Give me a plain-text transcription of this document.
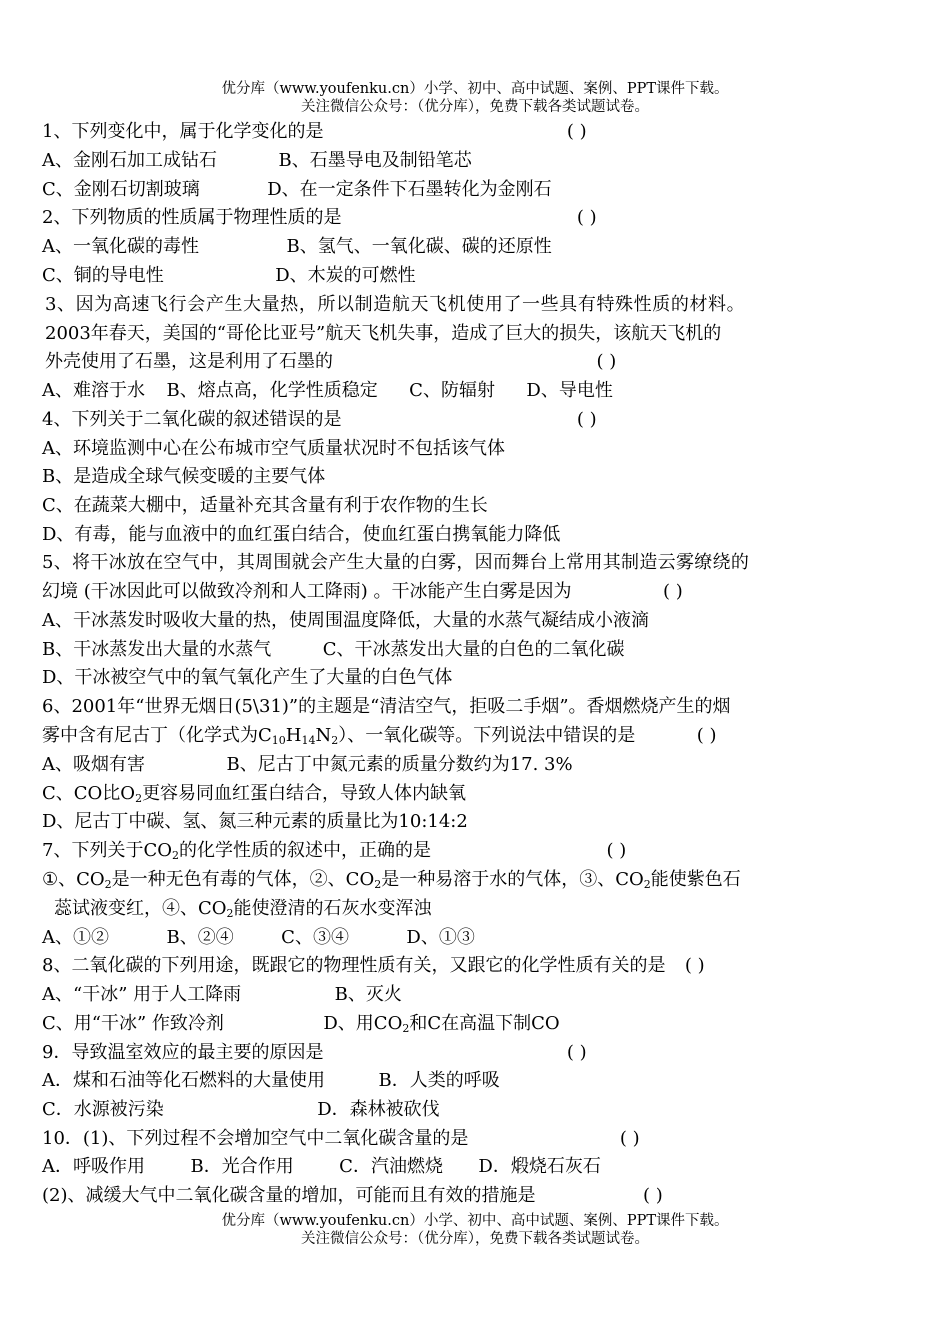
优分库（www.youfenku.cn）小学、初中、高中试题、案例、PPT课件下载。
关注微信公众号：（优分库），免费下载各类试题试卷。
1、下列变化中，属于化学变化的是	( )
A、金刚石加工成钻石	B、石墨导电及制铅笔芯
C、金刚石切割玻璃	D、在一定条件下石墨转化为金刚石
2、下列物质的性质属于物理性质的是	( )
A、一氧化碳的毒性	B、氢气、一氧化碳、碳的还原性
C、铜的导电性	D、木炭的可燃性
3、因为高速飞行会产生大量热，所以制造航天飞机使用了一些具有特殊性质的材料。
2003年春天，美国的“哥伦比亚号”航天飞机失事，造成了巨大的损失，该航天飞机的
外壳使用了石墨，这是利用了石墨的	( )
A、难溶于水 B、熔点高，化学性质稳定 C、防辐射 D、导电性
4、下列关于二氧化碳的叙述错误的是	( )
A、环境监测中心在公布城市空气质量状况时不包括该气体
B、是造成全球气候变暖的主要气体
C、在蔬菜大棚中，适量补充其含量有利于农作物的生长
D、有毒，能与血液中的血红蛋白结合，使血红蛋白携氧能力降低
5、将干冰放在空气中，其周围就会产生大量的白雾，因而舞台上常用其制造云雾缭绕的
幻境 (干冰因此可以做致冷剂和人工降雨) 。干冰能产生白雾是因为	( )
A、干冰蒸发时吸收大量的热，使周围温度降低，大量的水蒸气凝结成小液滴
B、干冰蒸发出大量的水蒸气	C、干冰蒸发出大量的白色的二氧化碳
D、干冰被空气中的氧气氧化产生了大量的白色气体
6、2001年“世界无烟日(5\31)”的主题是“清洁空气，拒吸二手烟”。香烟燃烧产生的烟
雾中含有尼古丁（化学式为$C_{10}H_{14}N_2$）、一氧化碳等。下列说法中错误的是	( )
A、吸烟有害	B、尼古丁中氮元素的质量分数约为17. 3%
C、CO比$O_2$更容易同血红蛋白结合，导致人体内缺氧
D、尼古丁中碳、氢、氮三种元素的质量比为10:14:2
7、下列关于$CO_2$的化学性质的叙述中，正确的是	( )
①、$CO_2$是一种无色有毒的气体，②、$CO_2$是一种易溶于水的气体，③、$CO_2$能使紫色石
蕊试液变红，④、$CO_2$能使澄清的石灰水变浑浊
A、①②	B、②④	C、③④	D、①③
8、二氧化碳的下列用途，既跟它的物理性质有关，又跟它的化学性质有关的是 ( )
A、“干冰” 用于人工降雨	B、灭火
C、用“干冰” 作致冷剂	D、用$CO_2$和C在高温下制CO
9．导致温室效应的最主要的原因是	( )
A．煤和石油等化石燃料的大量使用	B．人类的呼吸
C．水源被污染	D．森林被砍伐
10．(1)、下列过程不会增加空气中二氧化碳含量的是	( )
A．呼吸作用	B．光合作用	C．汽油燃烧 D．煅烧石灰石
(2)、减缓大气中二氧化碳含量的增加，可能而且有效的措施是	( )
优分库（www.youfenku.cn）小学、初中、高中试题、案例、PPT课件下载。
关注微信公众号：（优分库），免费下载各类试题试卷。
